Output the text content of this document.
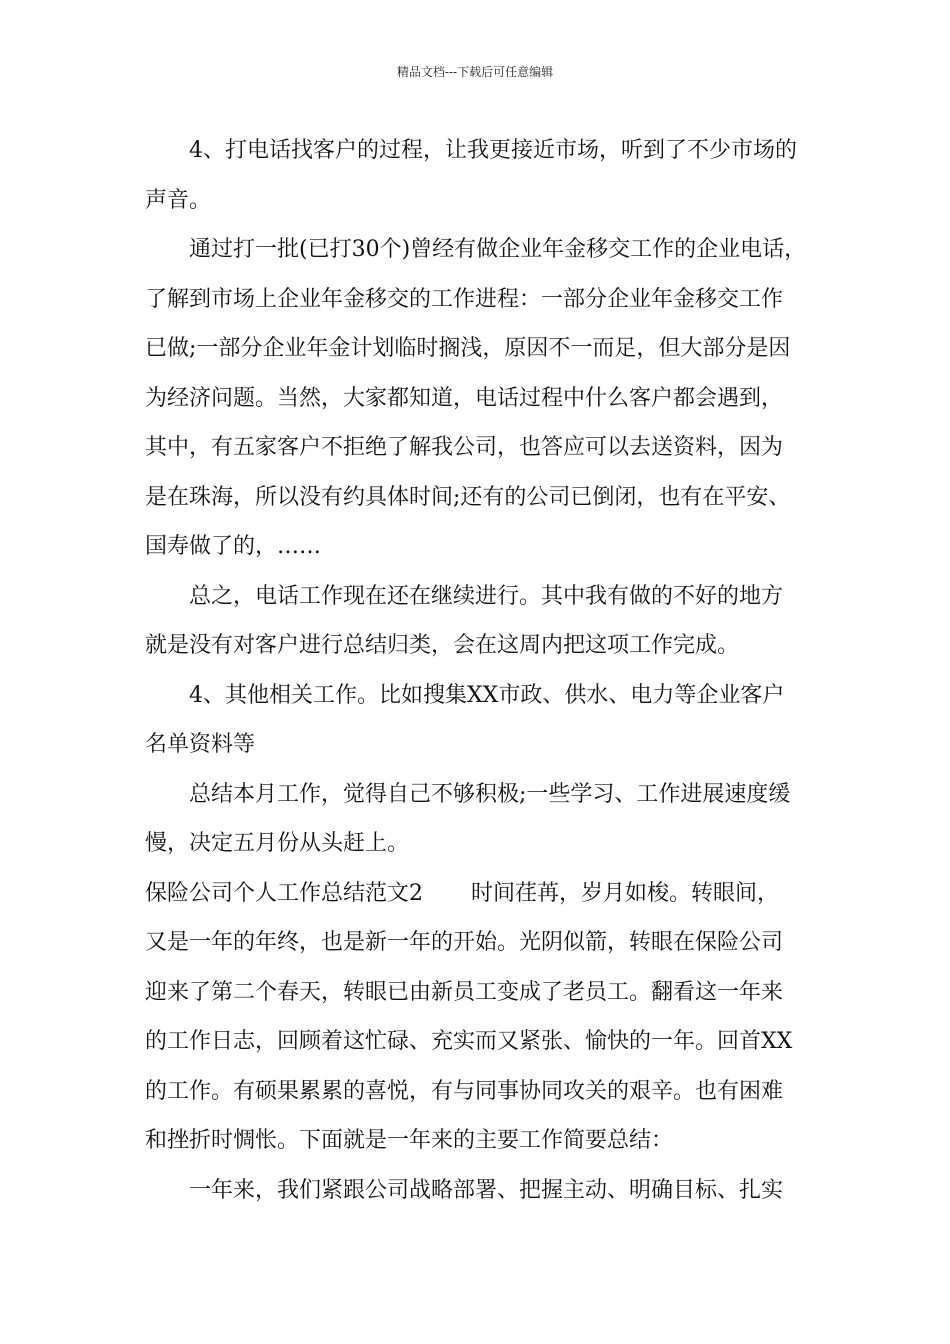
精品文档---下载后可任意编辑
4、打电话找客户的过程，让我更接近市场，听到了不少市场的
声音。
通过打一批(已打30个)曾经有做企业年金移交工作的企业电话，
了解到市场上企业年金移交的工作进程：一部分企业年金移交工作
已做;一部分企业年金计划临时搁浅，原因不一而足，但大部分是因
为经济问题。当然，大家都知道，电话过程中什么客户都会遇到，
其中，有五家客户不拒绝了解我公司，也答应可以去送资料，因为
是在珠海，所以没有约具体时间;还有的公司已倒闭，也有在平安、
国寿做了的，……
总之，电话工作现在还在继续进行。其中我有做的不好的地方
就是没有对客户进行总结归类，会在这周内把这项工作完成。
4、其他相关工作。比如搜集XX市政、供水、电力等企业客户
名单资料等
总结本月工作，觉得自己不够积极;一些学习、工作进展速度缓
慢，决定五月份从头赶上。
保险公司个人工作总结范文2 时间荏苒，岁月如梭。转眼间，
又是一年的年终，也是新一年的开始。光阴似箭，转眼在保险公司
迎来了第二个春天，转眼已由新员工变成了老员工。翻看这一年来
的工作日志，回顾着这忙碌、充实而又紧张、愉快的一年。回首XX
的工作。有硕果累累的喜悦，有与同事协同攻关的艰辛。也有困难
和挫折时惆怅。下面就是一年来的主要工作简要总结：
一年来，我们紧跟公司战略部署、把握主动、明确目标、扎实
